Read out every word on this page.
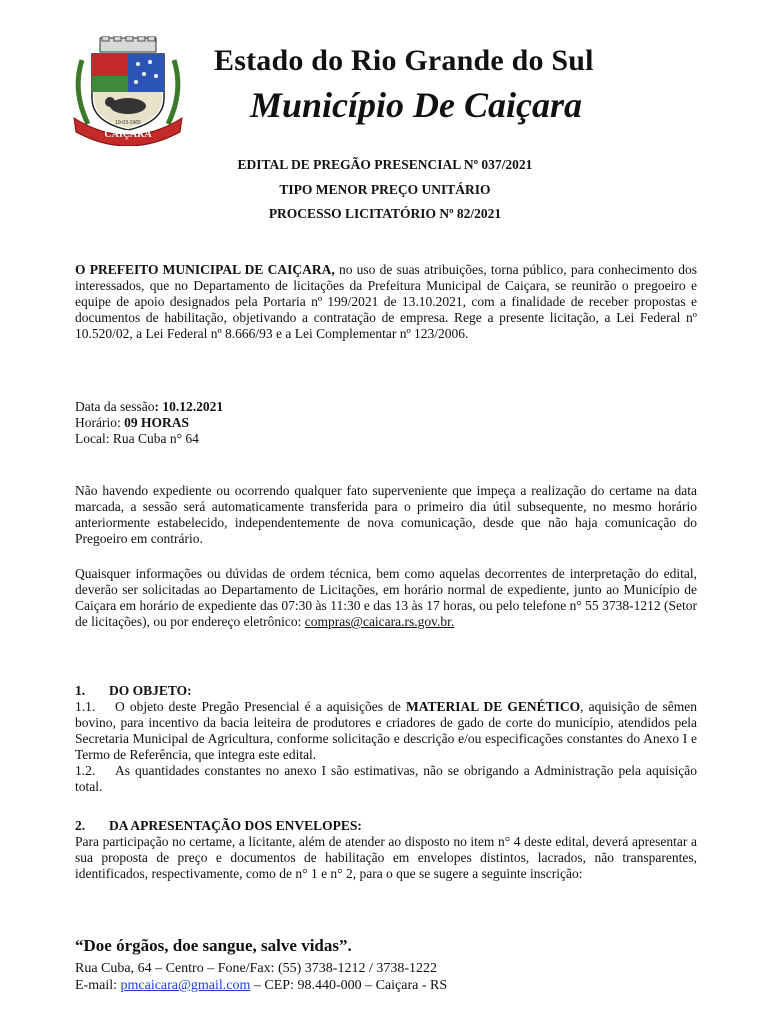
CAIÇARA
19-03-1965
Estado do Rio Grande do Sul
Município De Caiçara
EDITAL DE PREGÃO PRESENCIAL Nº 037/2021
TIPO MENOR PREÇO UNITÁRIO
PROCESSO LICITATÓRIO Nº 82/2021
O PREFEITO MUNICIPAL DE CAIÇARA, no uso de suas atribuições, torna público, para conhecimento dos interessados, que no Departamento de licitações da Prefeitura Municipal de Caiçara, se reunirão o pregoeiro e equipe de apoio designados pela Portaria nº 199/2021 de 13.10.2021, com a finalidade de receber propostas e documentos de habilitação, objetivando a contratação de empresa. Rege a presente licitação, a Lei Federal nº 10.520/02, a Lei Federal nº 8.666/93 e a Lei Complementar nº 123/2006.
Data da sessão: 10.12.2021
Horário: 09 HORAS
Local: Rua Cuba n° 64
Não havendo expediente ou ocorrendo qualquer fato superveniente que impeça a realização do certame na data marcada, a sessão será automaticamente transferida para o primeiro dia útil subsequente, no mesmo horário anteriormente estabelecido, independentemente de nova comunicação, desde que não haja comunicação do Pregoeiro em contrário.
Quaisquer informações ou dúvidas de ordem técnica, bem como aquelas decorrentes de interpretação do edital, deverão ser solicitadas ao Departamento de Licitações, em horário normal de expediente, junto ao Município de Caiçara em horário de expediente das 07:30 às 11:30 e das 13 às 17 horas, ou pelo telefone n° 55 3738-1212 (Setor de licitações), ou por endereço eletrônico: compras@caicara.rs.gov.br.
1. DO OBJETO:
1.1. O objeto deste Pregão Presencial é a aquisições de MATERIAL DE GENÉTICO, aquisição de sêmen bovino, para incentivo da bacia leiteira de produtores e criadores de gado de corte do município, atendidos pela Secretaria Municipal de Agricultura, conforme solicitação e descrição e/ou especificações constantes do Anexo I e Termo de Referência, que integra este edital.
1.2. As quantidades constantes no anexo I são estimativas, não se obrigando a Administração pela aquisição total.
2. DA APRESENTAÇÃO DOS ENVELOPES:
Para participação no certame, a licitante, além de atender ao disposto no item n° 4 deste edital, deverá apresentar a sua proposta de preço e documentos de habilitação em envelopes distintos, lacrados, não transparentes, identificados, respectivamente, como de n° 1 e n° 2, para o que se sugere a seguinte inscrição:
“Doe órgãos, doe sangue, salve vidas”.
Rua Cuba, 64 – Centro – Fone/Fax: (55) 3738-1212 / 3738-1222
E-mail: pmcaicara@gmail.com – CEP: 98.440-000 – Caiçara - RS
